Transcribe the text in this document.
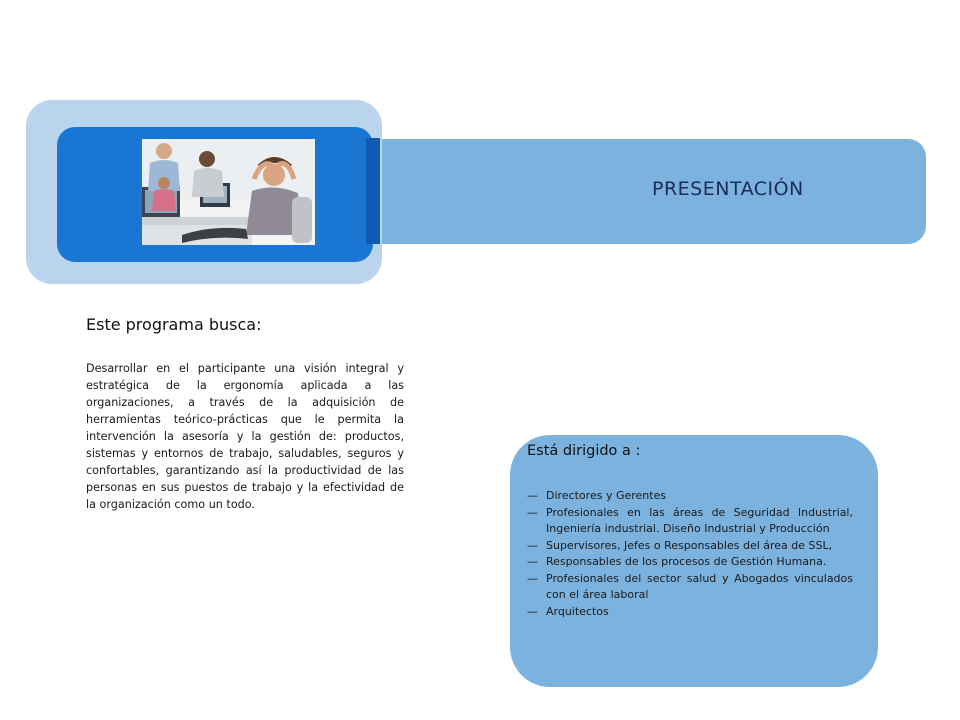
PRESENTACIÓN
Este programa busca:
Desarrollar en el participante una visión integral y estratégica de la ergonomía aplicada a las organizaciones, a través de la adquisición de herramientas teórico-prácticas que le permita la intervención la asesoría y la gestión de: productos, sistemas y entornos de trabajo, saludables, seguros y confortables, garantizando así la productividad de las personas en sus puestos de trabajo y la efectividad de la organización como un todo.
Está dirigido a :
— Directores y Gerentes
— Profesionales en las áreas de Seguridad Industrial, Ingeniería industrial. Diseño Industrial y Producción
— Supervisores, Jefes o Responsables del área de SSL,
— Responsables de los procesos de Gestión Humana.
— Profesionales del sector salud y Abogados vinculados con el área laboral
— Arquitectos
